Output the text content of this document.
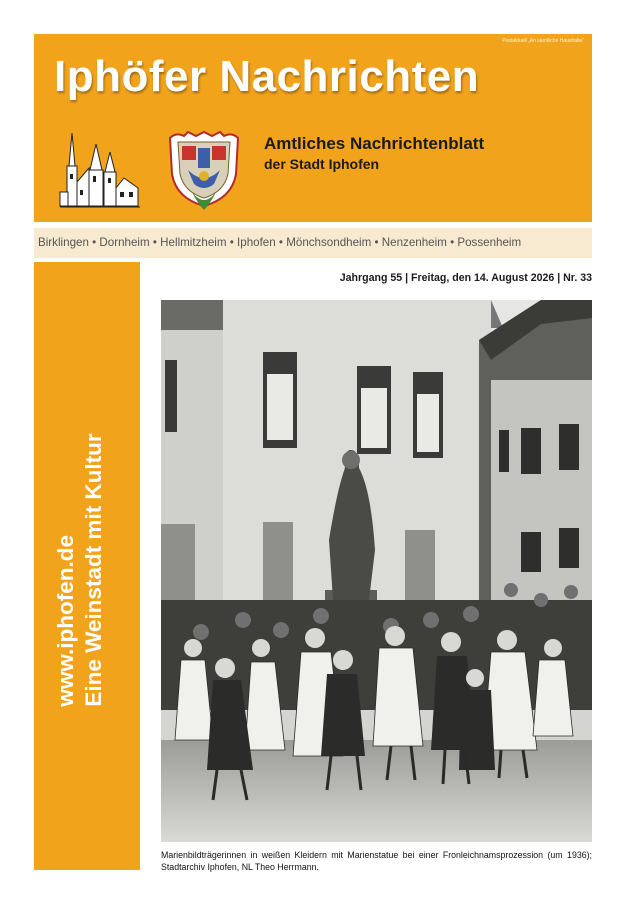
Postaktuell „An sämtliche Haushalte“
Iphöfer Nachrichten
Amtliches Nachrichtenblatt
der Stadt Iphofen
Birklingen • Dornheim • Hellmitzheim • Iphofen • Mönchsondheim • Nenzenheim • Possenheim
www.iphofen.de Eine Weinstadt mit Kultur
Jahrgang 55 | Freitag, den 14. August 2026 | Nr. 33
Marienbildträgerinnen in weißen Kleidern mit Marienstatue bei einer Fronleichnamsprozession (um 1936); Stadtarchiv Iphofen, NL Theo Herrmann.
